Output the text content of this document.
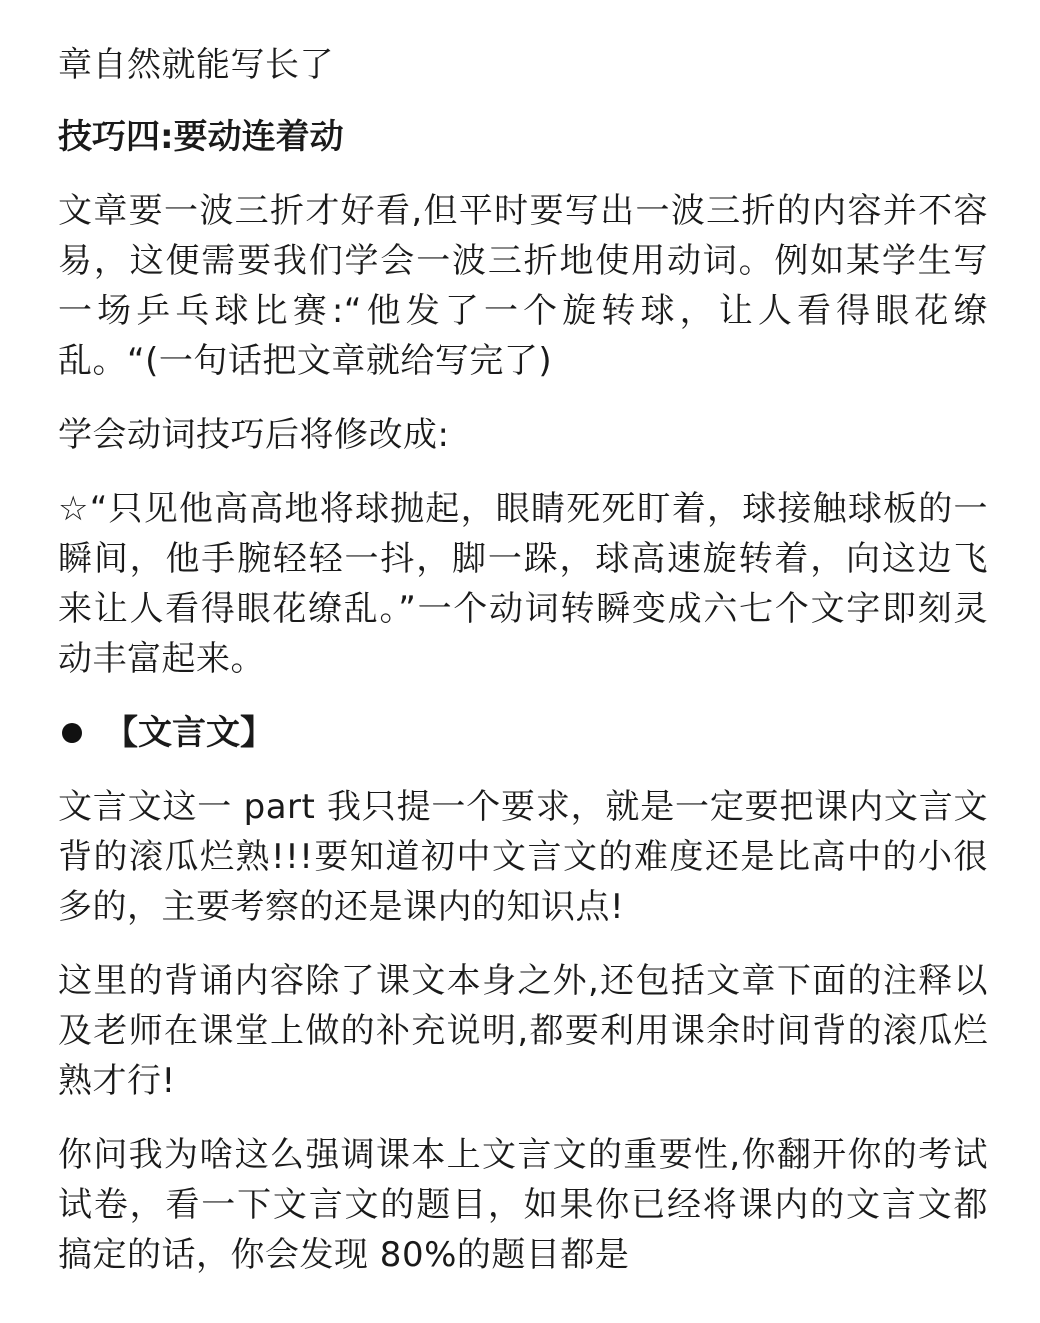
章自然就能写长了

技巧四:要动连着动

文章要一波三折才好看,但平时要写出一波三折的内容并不容易，这便需要我们学会一波三折地使用动词。例如某学生写一场乒乓球比赛:“他发了一个旋转球，让人看得眼花缭乱。“(一句话把文章就给写完了)

学会动词技巧后将修改成:

☆“只见他高高地将球抛起，眼睛死死盯着，球接触球板的一瞬间，他手腕轻轻一抖，脚一跺，球高速旋转着，向这边飞来让人看得眼花缭乱。”一个动词转瞬变成六七个文字即刻灵动丰富起来。

【文言文】

文言文这一 part 我只提一个要求，就是一定要把课内文言文背的滚瓜烂熟!!!要知道初中文言文的难度还是比高中的小很多的，主要考察的还是课内的知识点!

这里的背诵内容除了课文本身之外,还包括文章下面的注释以及老师在课堂上做的补充说明,都要利用课余时间背的滚瓜烂熟才行!

你问我为啥这么强调课本上文言文的重要性,你翻开你的考试试卷，看一下文言文的题目，如果你已经将课内的文言文都搞定的话，你会发现 80%的题目都是
